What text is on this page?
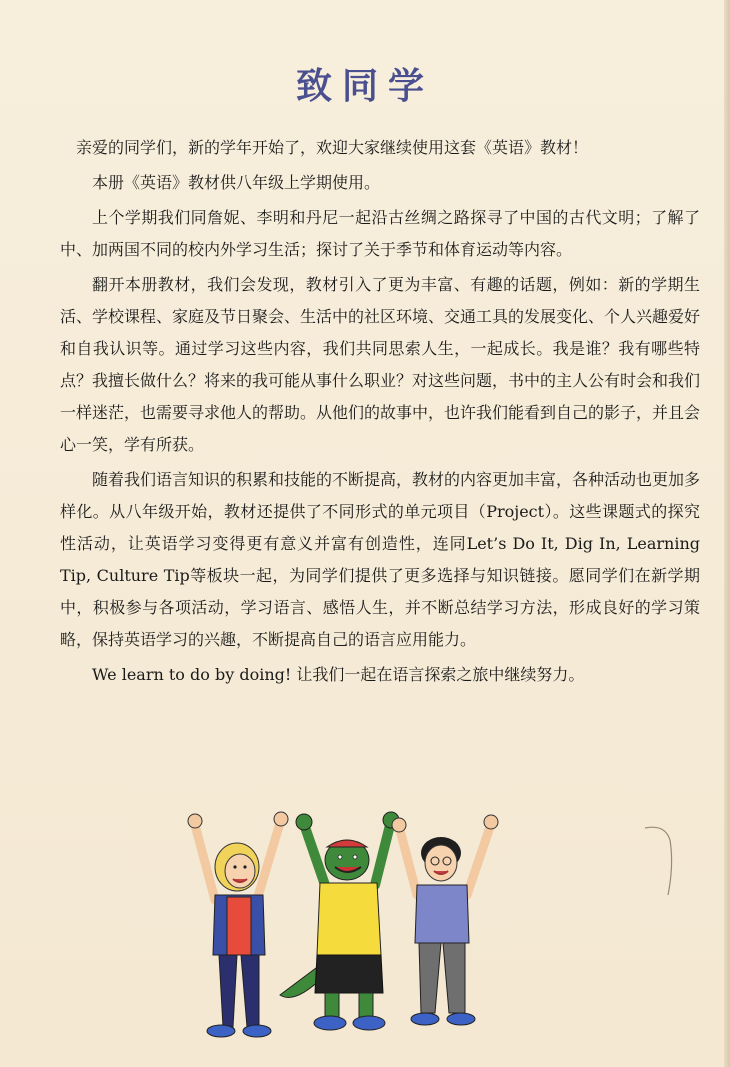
致同学

亲爱的同学们，新的学年开始了，欢迎大家继续使用这套《英语》教材！

本册《英语》教材供八年级上学期使用。

上个学期我们同詹妮、李明和丹尼一起沿古丝绸之路探寻了中国的古代文明；了解了中、加两国不同的校内外学习生活；探讨了关于季节和体育运动等内容。

翻开本册教材，我们会发现，教材引入了更为丰富、有趣的话题，例如：新的学期生活、学校课程、家庭及节日聚会、生活中的社区环境、交通工具的发展变化、个人兴趣爱好和自我认识等。通过学习这些内容，我们共同思索人生，一起成长。我是谁？我有哪些特点？我擅长做什么？将来的我可能从事什么职业？对这些问题，书中的主人公有时会和我们一样迷茫，也需要寻求他人的帮助。从他们的故事中，也许我们能看到自己的影子，并且会心一笑，学有所获。

随着我们语言知识的积累和技能的不断提高，教材的内容更加丰富，各种活动也更加多样化。从八年级开始，教材还提供了不同形式的单元项目（Project）。这些课题式的探究性活动，让英语学习变得更有意义并富有创造性，连同Let’s Do It, Dig In, Learning Tip, Culture Tip等板块一起，为同学们提供了更多选择与知识链接。愿同学们在新学期中，积极参与各项活动，学习语言、感悟人生，并不断总结学习方法，形成良好的学习策略，保持英语学习的兴趣，不断提高自己的语言应用能力。

We learn to do by doing! 让我们一起在语言探索之旅中继续努力。
